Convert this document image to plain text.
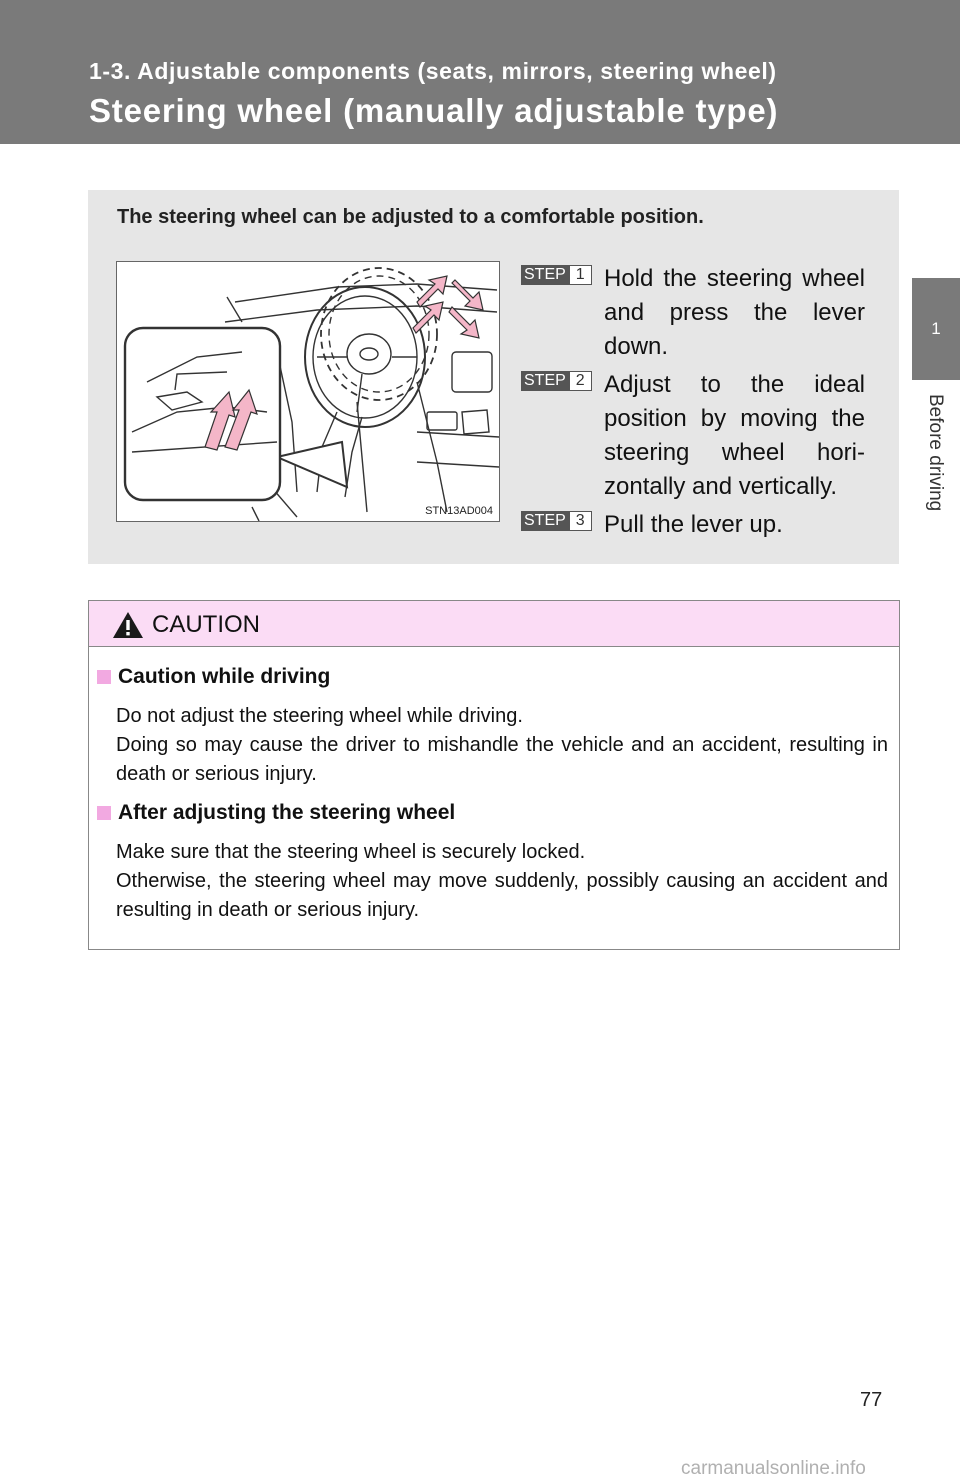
1-3. Adjustable components (seats, mirrors, steering wheel)

Steering wheel (manually adjustable type)
1
Before driving

The steering wheel can be adjusted to a comfortable position.

STN13AD004
STEP 1 Hold the steering wheel and press the lever down.

STEP 2 Adjust to the ideal position by moving the steering wheel hori-zontally and vertically.

STEP 3 Pull the lever up.

CAUTION
Caution while driving

Do not adjust the steering wheel while driving.
Doing so may cause the driver to mishandle the vehicle and an accident, resulting in death or serious injury.

After adjusting the steering wheel

Make sure that the steering wheel is securely locked.
Otherwise, the steering wheel may move suddenly, possibly causing an accident and resulting in death or serious injury.

77
carmanualsonline.info
